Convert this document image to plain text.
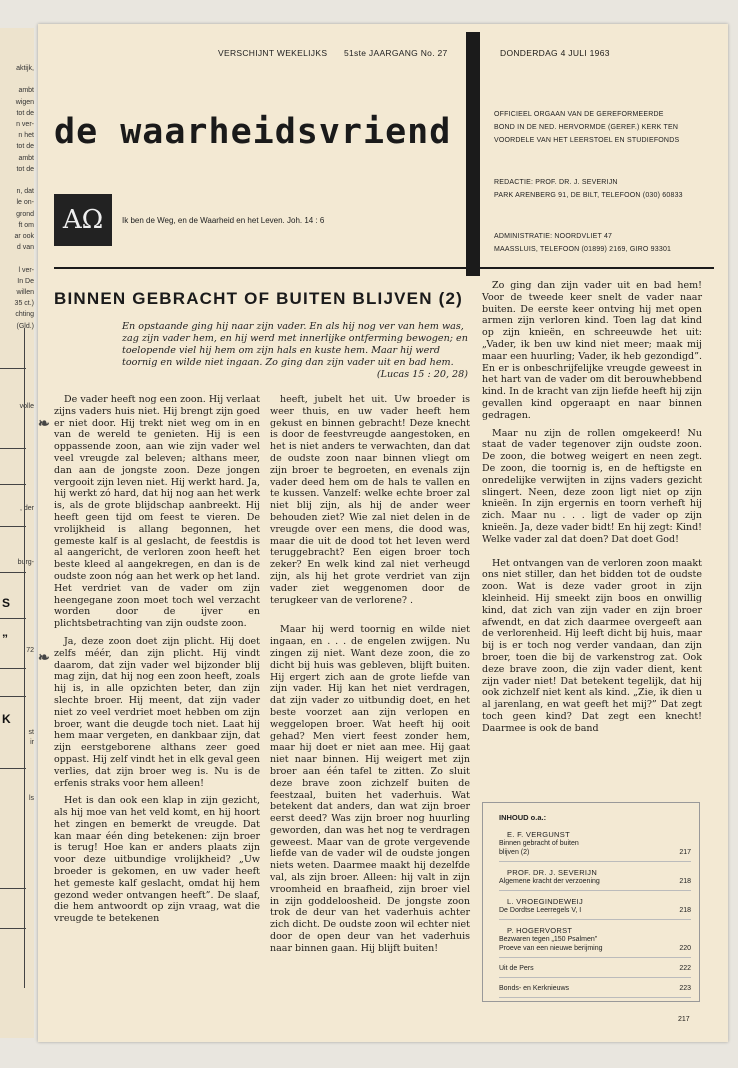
aktijk,
ambt
wigen
tot de
n ver-
n het
tot de
ambt
tot de
n, dat
le on-
grond
ft om
ar ook
d van
l ver-
In De
willen
35 ct.)
chting
(Gld.)
volle
, der
burg-
S
”
72
K
st
ir
ls
VERSCHIJNT WEKELIJKS 51ste JAARGANG No. 27	DONDERDAG 4 JULI 1963
de waarheidsvriend	OFFICIEEL ORGAAN VAN DE GEREFORMEERDE
BOND IN DE NED. HERVORMDE (GEREF.) KERK TEN
VOORDELE VAN HET LEERSTOEL EN STUDIEFONDS
REDACTIE: PROF. DR. J. SEVERIJN
PARK ARENBERG 91, DE BILT, TELEFOON (030) 60833
ADMINISTRATIE: NOORDVLIET 47
MAASSLUIS, TELEFOON (01899) 2169, GIRO 93301
AΩ	Ik ben de Weg, en de Waarheid en het Leven. Joh. 14 : 6
BINNEN GEBRACHT OF BUITEN BLIJVEN (2)
En opstaande ging hij naar zijn vader. En als hij nog ver van hem was, zag zijn vader hem, en hij werd met innerlijke ontferming bewogen; en toelopende viel hij hem om zijn hals en kuste hem. Maar hij werd toornig en wilde niet ingaan. Zo ging dan zijn vader uit en bad hem.
(Lucas 15 : 20, 28)

De vader heeft nog een zoon. Hij verlaat zijns vaders huis niet. Hij brengt zijn goed er niet door. Hij trekt niet weg om in en van de wereld te genieten. Hij is een oppassende zoon, aan wie zijn vader wel veel vreugde zal beleven; althans meer, dan aan de jongste zoon. Deze jongen vergooit zijn leven niet. Hij werkt hard. Ja, hij werkt zó hard, dat hij nog aan het werk is, als de grote blijdschap aanbreekt. Hij heeft geen tijd om feest te vieren. De vrolijkheid is allang begonnen, het gemeste kalf is al geslacht, de feestdis is al aangericht, de verloren zoon heeft het beste kleed al aangekregen, en dan is de oudste zoon nóg aan het werk op het land. Het verdriet van de vader om zijn heengegane zoon moet toch wel verzacht worden door de ijver en plichtsbetrachting van zijn oudste zoon.

Ja, deze zoon doet zijn plicht. Hij doet zelfs méér, dan zijn plicht. Hij vindt daarom, dat zijn vader wel bijzonder blij mag zijn, dat hij nog een zoon heeft, zoals hij is, in alle opzichten beter, dan zijn slechte broer. Hij meent, dat zijn vader niet zo veel verdriet moet hebben om zijn broer, want die deugde toch niet. Laat hij hem maar vergeten, en dankbaar zijn, dat zijn eerstgeborene althans zeer goed oppast. Hij zelf vindt het in elk geval geen verlies, dat zijn broer weg is. Nu is de erfenis straks voor hem alleen!

Het is dan ook een klap in zijn gezicht, als hij moe van het veld komt, en hij hoort het zingen en bemerkt de vreugde. Dat kan maar één ding betekenen: zijn broer is terug! Hoe kan er anders plaats zijn voor deze uitbundige vrolijkheid? „Uw broeder is gekomen, en uw vader heeft het gemeste kalf geslacht, omdat hij hem gezond weder ontvangen heeft”. De slaaf, die hem antwoordt op zijn vraag, wat die vreugde te betekenen

heeft, jubelt het uit. Uw broeder is weer thuis, en uw vader heeft hem gekust en binnen gebracht! Deze knecht is door de feestvreugde aangestoken, en het is niet anders te verwachten, dan dat de oudste zoon naar binnen vliegt om zijn broer te begroeten, en evenals zijn vader deed hem om de hals te vallen en te kussen. Vanzelf: welke echte broer zal niet blij zijn, als hij de ander weer behouden ziet? Wie zal niet delen in de vreugde over een mens, die dood was, maar die uit de dood tot het leven werd teruggebracht? Een eigen broer toch zeker? En welk kind zal niet verheugd zijn, als hij het grote verdriet van zijn vader ziet weggenomen door de terugkeer van de verlorene? .

Maar hij werd toornig en wilde niet ingaan, en . . . de engelen zwijgen. Nu zingen zij niet. Want deze zoon, die zo dicht bij huis was gebleven, blijft buiten. Hij ergert zich aan de grote liefde van zijn vader. Hij kan het niet verdragen, dat zijn vader zo uitbundig doet, en het beste voorzet aan zijn verlopen en weggelopen broer. Wat heeft hij ooit gehad? Men viert feest zonder hem, maar hij doet er niet aan mee. Hij gaat niet naar binnen. Hij weigert met zijn broer aan één tafel te zitten. Zo sluit deze brave zoon zichzelf buiten de feestzaal, buiten het vaderhuis. Wat betekent dat anders, dan wat zijn broer eerst deed? Was zijn broer nog huurling geworden, dan was het nog te verdragen geweest. Maar van de grote vergevende liefde van de vader wil de oudste jongen niets weten. Daarmee maakt hij dezelfde val, als zijn broer. Alleen: hij valt in zijn vroomheid en braafheid, zijn broer viel in zijn goddeloosheid. De jongste zoon trok de deur van het vaderhuis achter zich dicht. De oudste zoon wil echter niet door de open deur van het vaderhuis naar binnen gaan. Hij blijft buiten!

Zo ging dan zijn vader uit en bad hem! Voor de tweede keer snelt de vader naar buiten. De eerste keer ontving hij met open armen zijn verloren kind. Toen lag dat kind op zijn knieën, en schreeuwde het uit: „Vader, ik ben uw kind niet meer; maak mij maar een huurling; Vader, ik heb gezondigd”. En er is onbeschrijfelijke vreugde geweest in het hart van de vader om dit berouwhebbend kind. In de kracht van zijn liefde heeft hij zijn gevallen kind opgeraapt en naar binnen gedragen.

Maar nu zijn de rollen omgekeerd! Nu staat de vader tegenover zijn oudste zoon. De zoon, die botweg weigert en neen zegt. De zoon, die toornig is, en de heftigste en onredelijke verwijten in zijns vaders gezicht slingert. Neen, deze zoon ligt niet op zijn knieën. In zijn ergernis en toorn verheft hij zich. Maar nu . . . ligt de vader op zijn knieën. Ja, deze vader bidt! En hij zegt: Kind! Welke vader zal dat doen? Dat doet God!

Het ontvangen van de verloren zoon maakt ons niet stiller, dan het bidden tot de oudste zoon. Wat is deze vader groot in zijn kleinheid. Hij smeekt zijn boos en onwillig kind, dat zich van zijn vader en zijn broer afwendt, en dat zich daarmee overgeeft aan de verlorenheid. Hij leeft dicht bij huis, maar bij is er toch nog verder vandaan, dan zijn broer, toen die bij de varkenstrog zat. Ook deze brave zoon, die zijn vader dient, kent zijn vader niet! Dat betekent tegelijk, dat hij ook zichzelf niet kent als kind. „Zie, ik dien u al jarenlang, en wat geeft het mij?” Dat zegt toch geen kind? Dat zegt een knecht! Daarmee is ook de band

❧
❧
INHOUD o.a.:
E. F. VERGUNST
Binnen gebracht of buiten
blijven (2)	217
PROF. DR. J. SEVERIJN
Algemene kracht der verzoening	218
L. VROEGINDEWEIJ
De Dordtse Leerregels V, I	218
P. HOGERVORST
Bezwaren tegen „150 Psalmen”
Proeve van een nieuwe berijming	220
Uit de Pers	222
Bonds- en Kerknieuws	223
217
